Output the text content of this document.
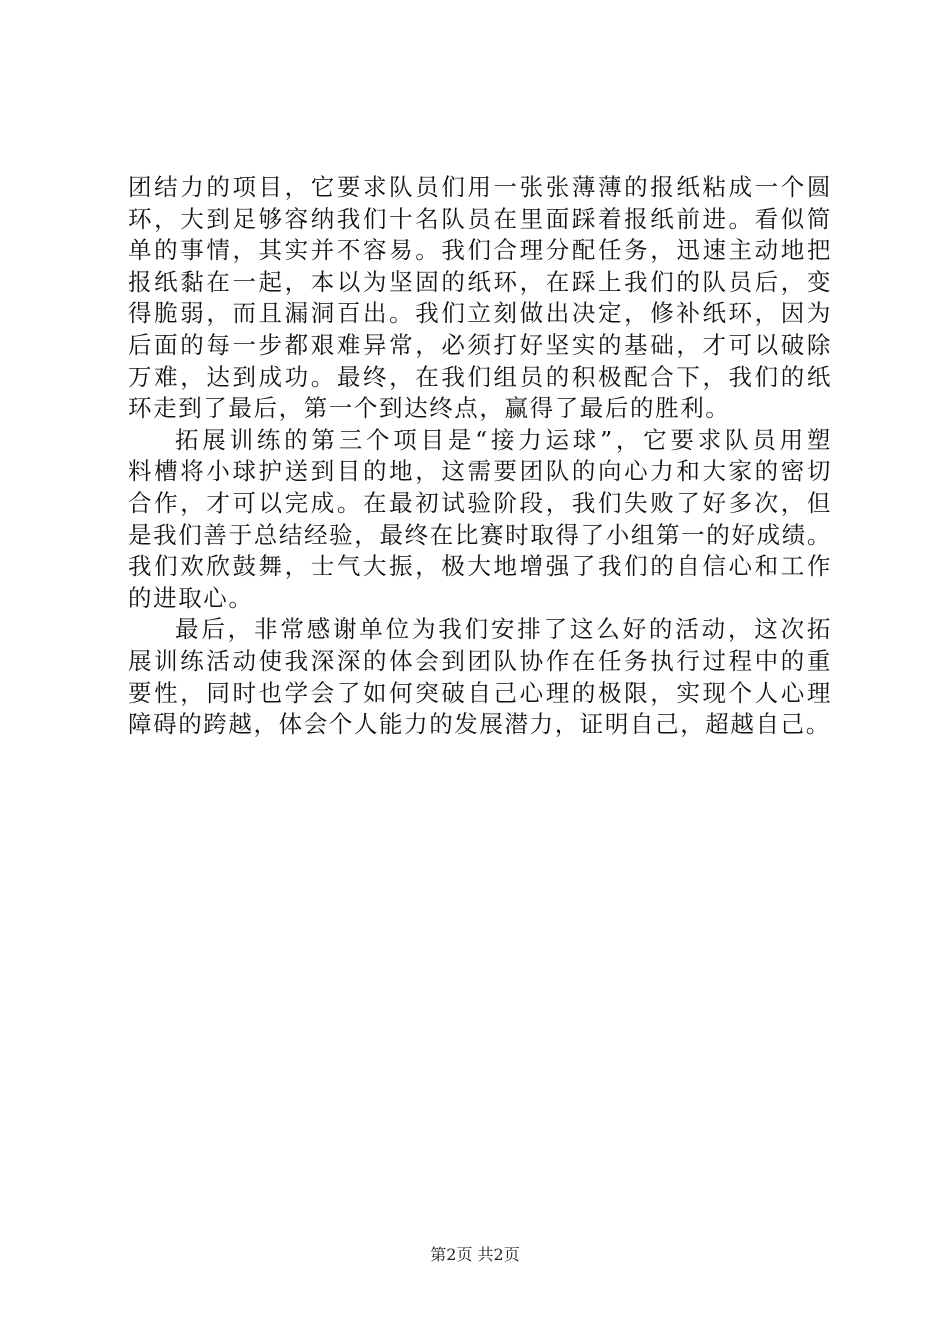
团结力的项目，它要求队员们用一张张薄薄的报纸粘成一个圆
环，大到足够容纳我们十名队员在里面踩着报纸前进。看似简
单的事情，其实并不容易。我们合理分配任务，迅速主动地把
报纸黏在一起，本以为坚固的纸环，在踩上我们的队员后，变
得脆弱，而且漏洞百出。我们立刻做出决定，修补纸环，因为
后面的每一步都艰难异常，必须打好坚实的基础，才可以破除
万难，达到成功。最终，在我们组员的积极配合下，我们的纸
环走到了最后，第一个到达终点，赢得了最后的胜利。
拓展训练的第三个项目是“接力运球”，它要求队员用塑
料槽将小球护送到目的地，这需要团队的向心力和大家的密切
合作，才可以完成。在最初试验阶段，我们失败了好多次，但
是我们善于总结经验，最终在比赛时取得了小组第一的好成绩。
我们欢欣鼓舞，士气大振，极大地增强了我们的自信心和工作
的进取心。
最后，非常感谢单位为我们安排了这么好的活动，这次拓
展训练活动使我深深的体会到团队协作在任务执行过程中的重
要性，同时也学会了如何突破自己心理的极限，实现个人心理
障碍的跨越，体会个人能力的发展潜力，证明自己，超越自己。
第2页 共2页
